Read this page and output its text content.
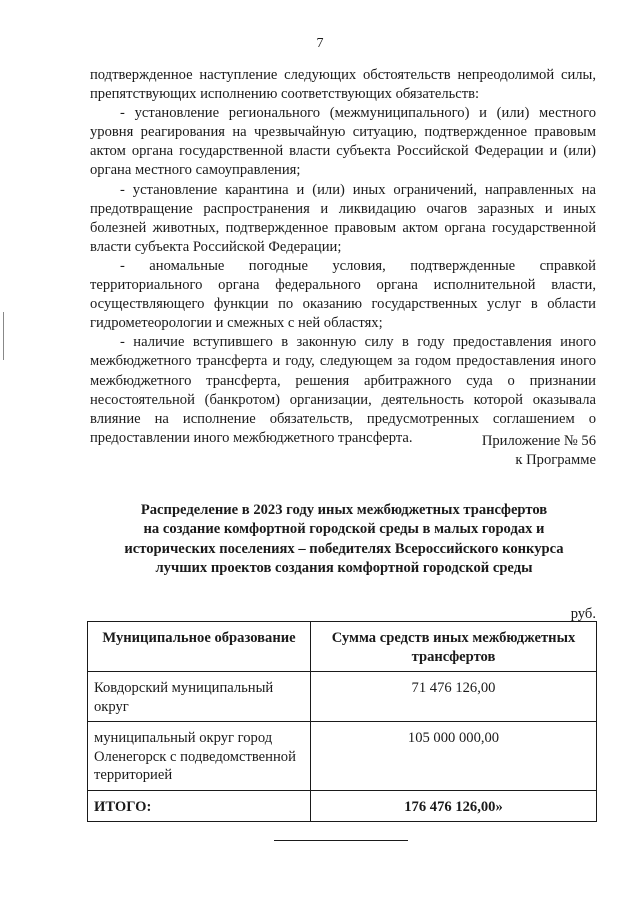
7

подтвержденное наступление следующих обстоятельств непреодолимой силы, препятствующих исполнению соответствующих обязательств:

- установление регионального (межмуниципального) и (или) местного уровня реагирования на чрезвычайную ситуацию, подтвержденное правовым актом органа государственной власти субъекта Российской Федерации и (или) органа местного самоуправления;

- установление карантина и (или) иных ограничений, направленных на предотвращение распространения и ликвидацию очагов заразных и иных болезней животных, подтвержденное правовым актом органа государственной власти субъекта Российской Федерации;

- аномальные погодные условия, подтвержденные справкой территориального органа федерального органа исполнительной власти, осуществляющего функции по оказанию государственных услуг в области гидрометеорологии и смежных с ней областях;

- наличие вступившего в законную силу в году предоставления иного межбюджетного трансферта и году, следующем за годом предоставления иного межбюджетного трансферта, решения арбитражного суда о признании несостоятельной (банкротом) организации, деятельность которой оказывала влияние на исполнение обязательств, предусмотренных соглашением о предоставлении иного межбюджетного трансферта.	Приложение № 56
к Программе
Распределение в 2023 году иных межбюджетных трансфертов
на создание комфортной городской среды в малых городах и
исторических поселениях – победителях Всероссийского конкурса
лучших проектов создания комфортной городской среды
руб.
Муниципальное образование	Сумма средств иных межбюджетных трансфертов
Ковдорский муниципальный округ	71 476 126,00
муниципальный округ город Оленегорск с подведомственной территорией	105 000 000,00
ИТОГО:	176 476 126,00»
